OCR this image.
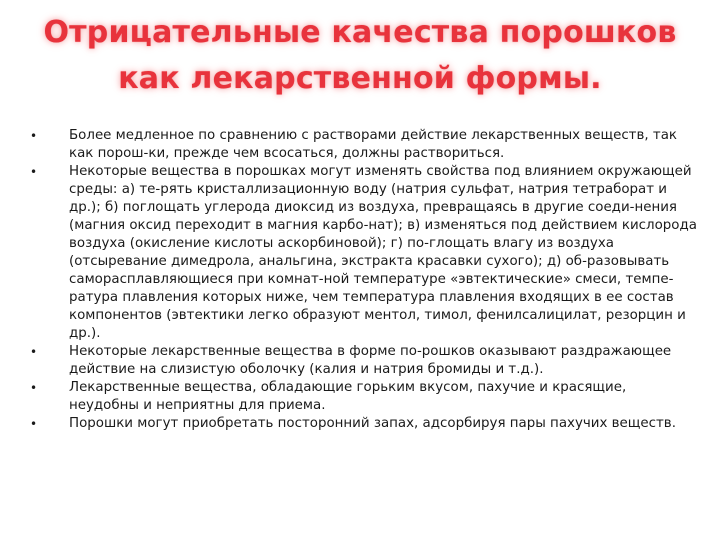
Отрицательные качества порошков
как лекарственной формы.
•	Более медленное по сравнению с растворами действие лекарственных веществ, так как порош-ки, прежде чем всосаться, должны раствориться.
•	Некоторые вещества в порошках могут изменять свойства под влиянием окружающей среды: а) те-рять кристаллизационную воду (натрия сульфат, натрия тетраборат и др.); б) поглощать углерода диоксид из воздуха, превращаясь в другие соеди-нения (магния оксид переходит в магния карбо-нат); в) изменяться под действием кислорода воздуха (окисление кислоты аскорбиновой); г) по-глощать влагу из воздуха (отсыревание димедрола, анальгина, экстракта красавки сухого); д) об-разовывать саморасплавляющиеся при комнат-ной температуре «эвтектические» смеси, темпе-ратура плавления которых ниже, чем температура плавления входящих в ее состав компонентов (эвтектики легко образуют ментол, тимол, фенилсалицилат, резорцин и др.).
•	Некоторые лекарственные вещества в форме по-рошков оказывают раздражающее действие на слизистую оболочку (калия и натрия бромиды и т.д.).
•	Лекарственные вещества, обладающие горьким вкусом, пахучие и красящие, неудобны и неприятны для приема.
•	Порошки могут приобретать посторонний запах, адсорбируя пары пахучих веществ.
